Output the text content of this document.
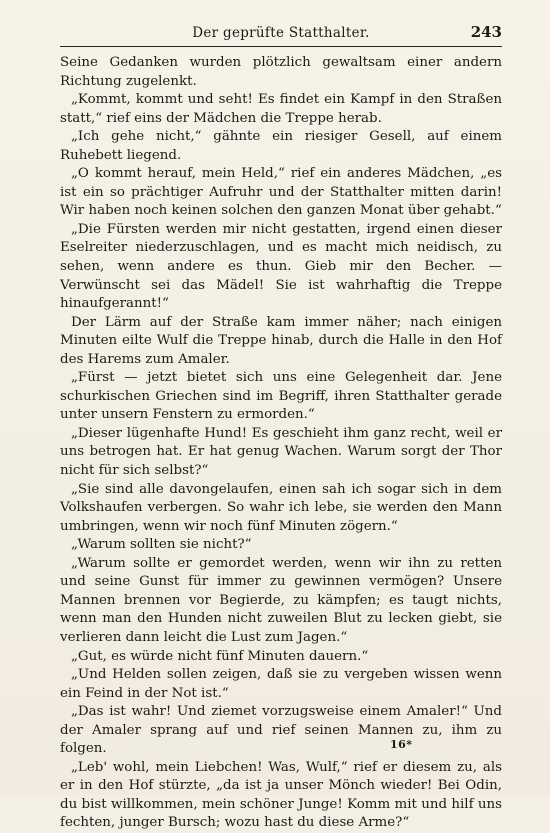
Der geprüfte Statthalter.	243

Seine Gedanken wurden plötzlich gewaltsam einer andern Richtung zugelenkt.

„Kommt, kommt und seht! Es findet ein Kampf in den Straßen statt,“ rief eins der Mädchen die Treppe herab.

„Ich gehe nicht,“ gähnte ein riesiger Gesell, auf einem Ruhebett liegend.

„O kommt herauf, mein Held,“ rief ein anderes Mädchen, „es ist ein so prächtiger Aufruhr und der Statthalter mitten darin! Wir haben noch keinen solchen den ganzen Monat über gehabt.“

„Die Fürsten werden mir nicht gestatten, irgend einen dieser Eselreiter niederzuschlagen, und es macht mich neidisch, zu sehen, wenn andere es thun. Gieb mir den Becher. — Verwünscht sei das Mädel! Sie ist wahrhaftig die Treppe hinaufgerannt!“

Der Lärm auf der Straße kam immer näher; nach einigen Minuten eilte Wulf die Treppe hinab, durch die Halle in den Hof des Harems zum Amaler.

„Fürst — jetzt bietet sich uns eine Gelegenheit dar. Jene schurkischen Griechen sind im Begriff, ihren Statthalter gerade unter unsern Fenstern zu ermorden.“

„Dieser lügenhafte Hund! Es geschieht ihm ganz recht, weil er uns betrogen hat. Er hat genug Wachen. Warum sorgt der Thor nicht für sich selbst?“

„Sie sind alle davongelaufen, einen sah ich sogar sich in dem Volkshaufen verbergen. So wahr ich lebe, sie werden den Mann umbringen, wenn wir noch fünf Minuten zögern.“

„Warum sollten sie nicht?“

„Warum sollte er gemordet werden, wenn wir ihn zu retten und seine Gunst für immer zu gewinnen vermögen? Unsere Mannen brennen vor Begierde, zu kämpfen; es taugt nichts, wenn man den Hunden nicht zuweilen Blut zu lecken giebt, sie verlieren dann leicht die Lust zum Jagen.“

„Gut, es würde nicht fünf Minuten dauern.“

„Und Helden sollen zeigen, daß sie zu vergeben wissen wenn ein Feind in der Not ist.“

„Das ist wahr! Und ziemet vorzugsweise einem Amaler!“ Und der Amaler sprang auf und rief seinen Mannen zu, ihm zu folgen.

„Leb' wohl, mein Liebchen! Was, Wulf,“ rief er diesem zu, als er in den Hof stürzte, „da ist ja unser Mönch wieder! Bei Odin, du bist willkommen, mein schöner Junge! Komm mit und hilf uns fechten, junger Bursch; wozu hast du diese Arme?“

16*
